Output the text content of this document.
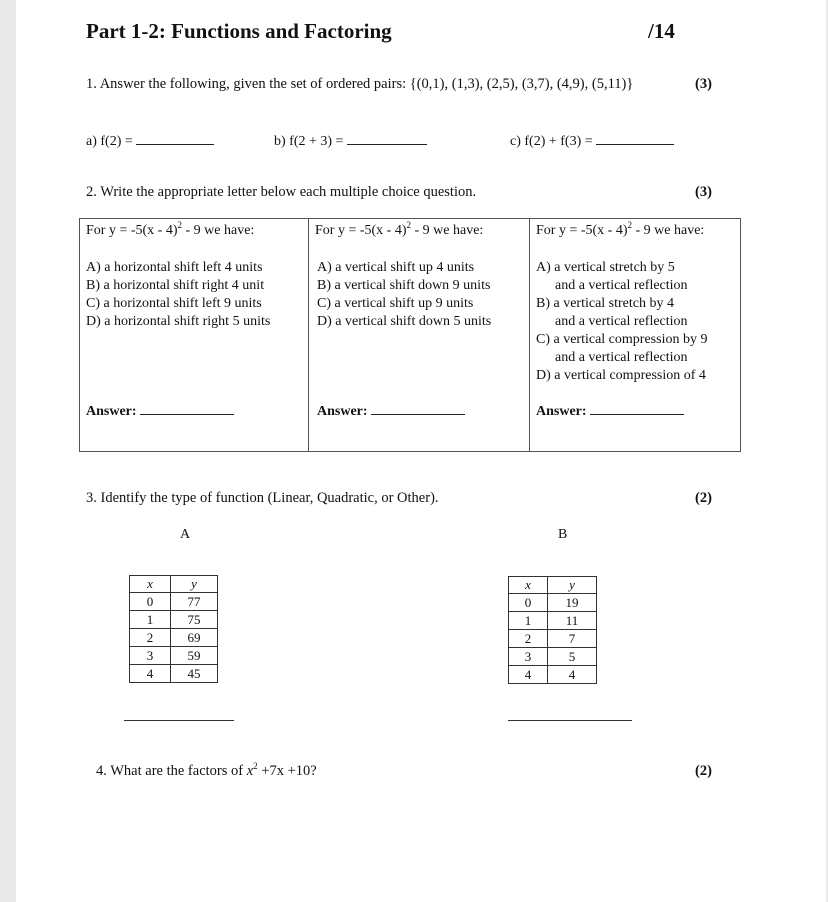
Part 1-2: Functions and Factoring	/14
1. Answer the following, given the set of ordered pairs: {(0,1), (1,3), (2,5), (3,7), (4,9), (5,11)}	(3)
a) f(2) =	b) f(2 + 3) =	c) f(2) + f(3) =
2. Write the appropriate letter below each multiple choice question.	(3)
For y = -5(x - 4)$^2$ - 9 we have:
A) a horizontal shift left 4 units
B) a horizontal shift right 4 unit
C) a horizontal shift left 9 units
D) a horizontal shift right 5 units
Answer:
For y = -5(x - 4)$^2$ - 9 we have:
A) a vertical shift up 4 units
B) a vertical shift down 9 units
C) a vertical shift up 9 units
D) a vertical shift down 5 units
Answer:
For y = -5(x - 4)$^2$ - 9 we have:
A) a vertical stretch by 5
and a vertical reflection
B) a vertical stretch by 4
and a vertical reflection
C) a vertical compression by 9
and a vertical reflection
D) a vertical compression of 4
Answer:
3. Identify the type of function (Linear, Quadratic, or Other).	(2)
A	B
x	y
0	77
1	75
2	69
3	59
4	45
x	y
0	19
1	11
2	7
3	5
4	4
4. What are the factors of $x^2 +7x +10$?	(2)
